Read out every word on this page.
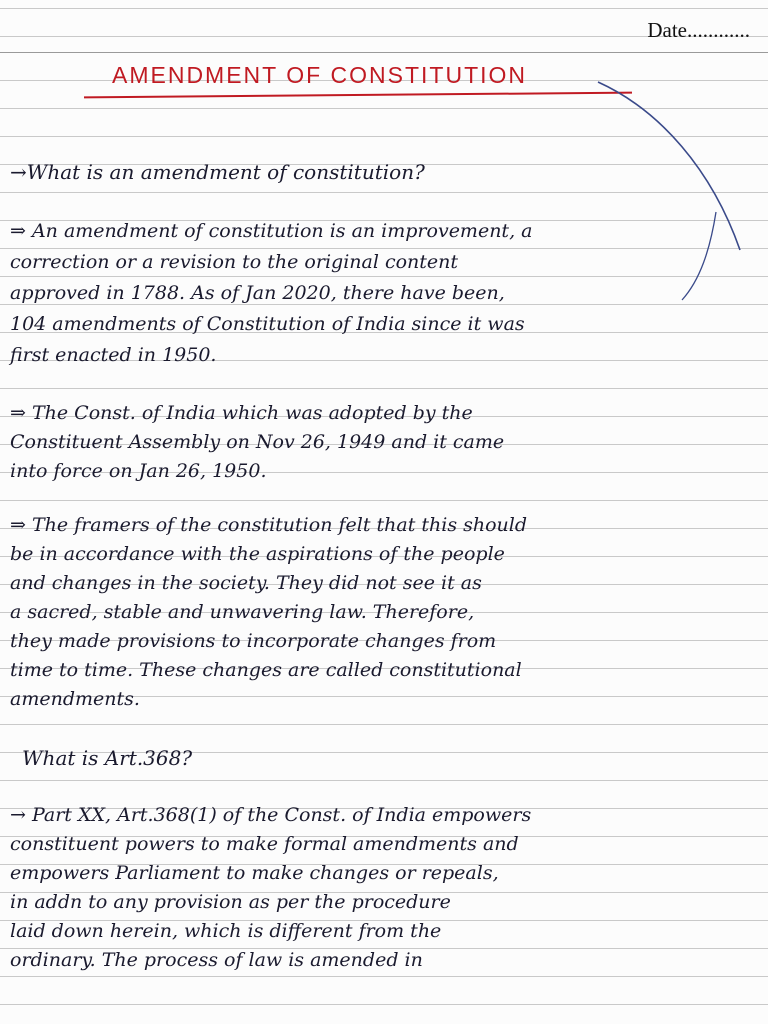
Date............
AMENDMENT OF CONSTITUTION
→What is an amendment of constitution?
⇒ An amendment of constitution is an improvement, a
correction or a revision to the original content
approved in 1788. As of Jan 2020, there have been,
104 amendments of Constitution of India since it was
first enacted in 1950.
⇒ The Const. of India which was adopted by the
Constituent Assembly on Nov 26, 1949 and it came
into force on Jan 26, 1950.
⇒ The framers of the constitution felt that this should
be in accordance with the aspirations of the people
and changes in the society. They did not see it as
a sacred, stable and unwavering law. Therefore,
they made provisions to incorporate changes from
time to time. These changes are called constitutional
amendments.
What is Art.368?
→ Part XX, Art.368(1) of the Const. of India empowers
constituent powers to make formal amendments and
empowers Parliament to make changes or repeals,
in addn to any provision as per the procedure
laid down herein, which is different from the
ordinary. The process of law is amended in
